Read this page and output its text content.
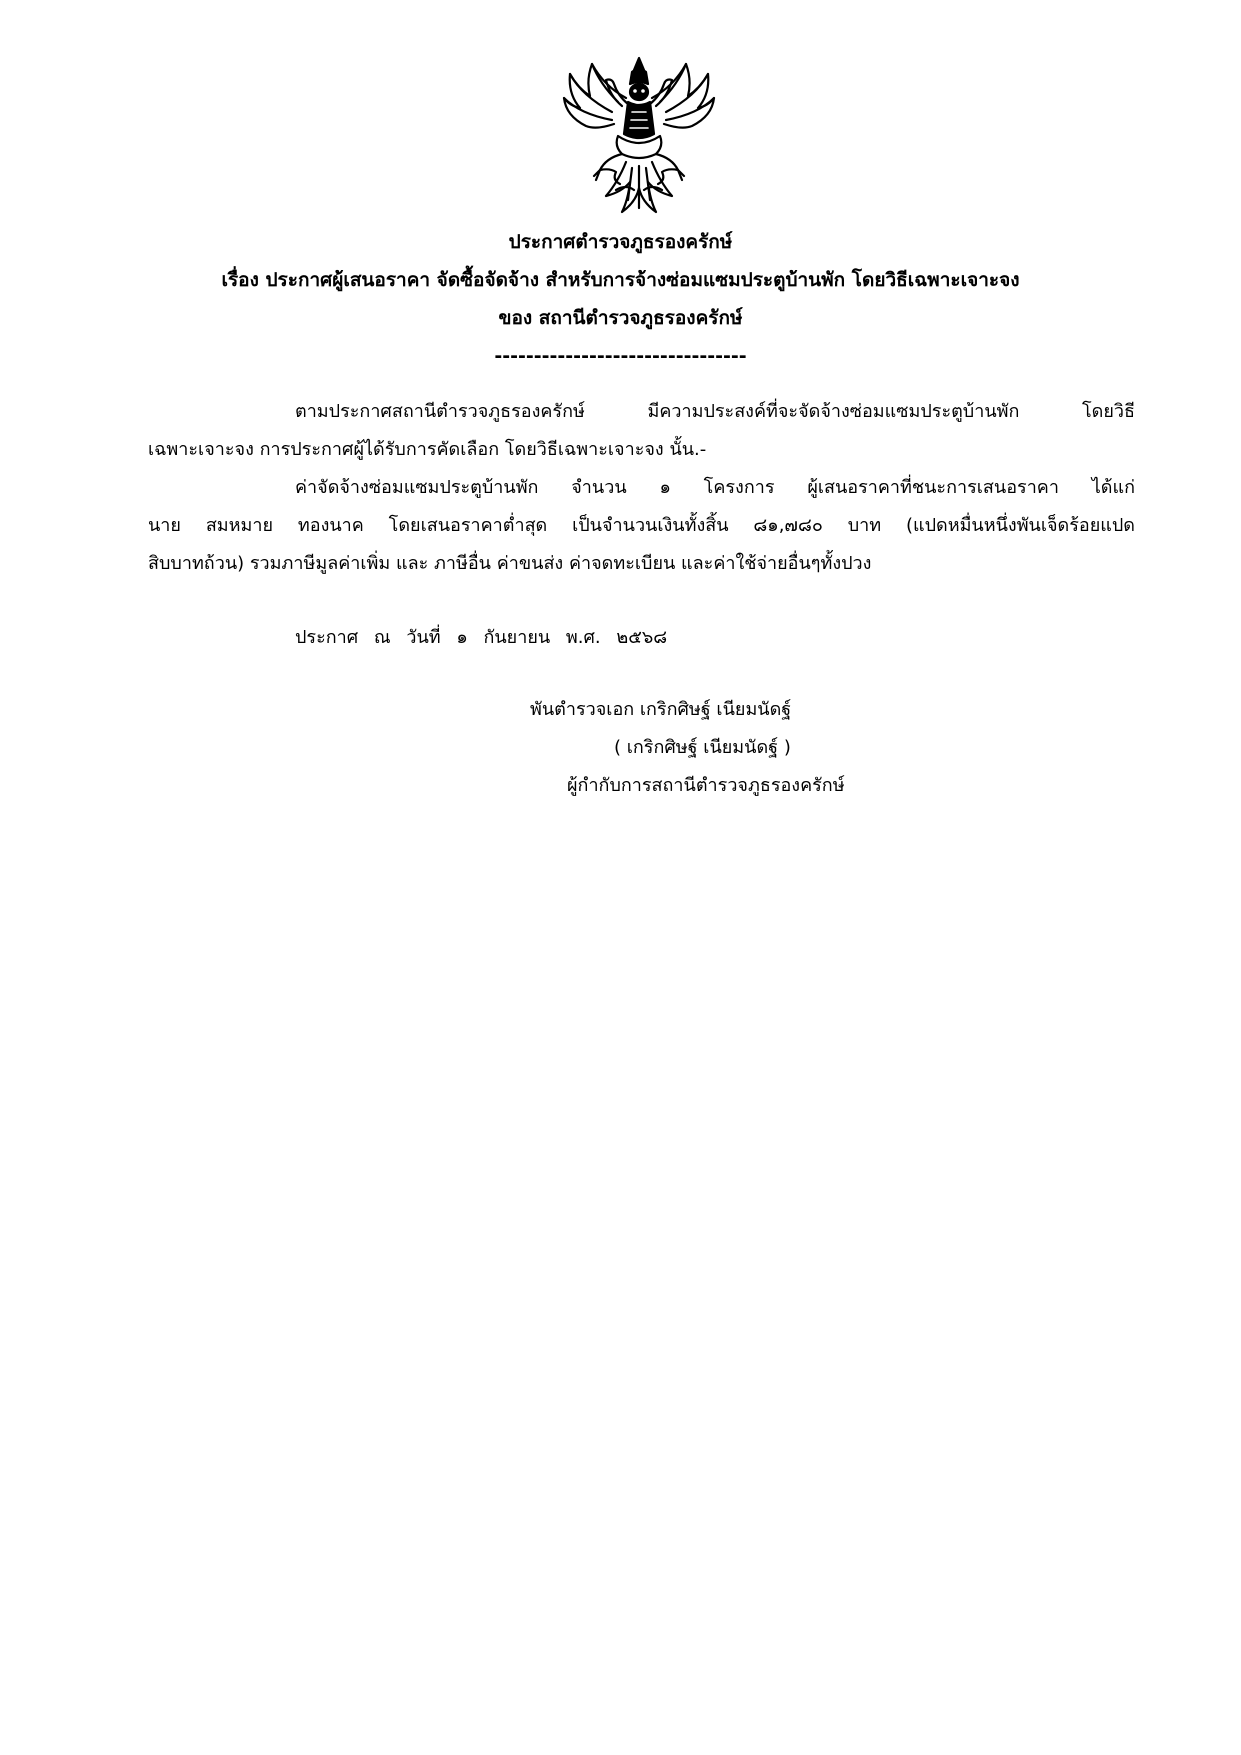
ประกาศตำรวจภูธรองครักษ์
เรื่อง ประกาศผู้เสนอราคา จัดซื้อจัดจ้าง สำหรับการจ้างซ่อมแซมประตูบ้านพัก โดยวิธีเฉพาะเจาะจง
ของ สถานีตำรวจภูธรองครักษ์
--------------------------------
ตามประกาศสถานีตำรวจภูธรองครักษ์ มีความประสงค์ที่จะจัดจ้างซ่อมแซมประตูบ้านพัก โดยวิธี
เฉพาะเจาะจง การประกาศผู้ได้รับการคัดเลือก โดยวิธีเฉพาะเจาะจง นั้น.-
ค่าจัดจ้างซ่อมแซมประตูบ้านพัก จำนวน ๑ โครงการ ผู้เสนอราคาที่ชนะการเสนอราคา ได้แก่
นาย สมหมาย ทองนาค โดยเสนอราคาต่ำสุด เป็นจำนวนเงินทั้งสิ้น ๘๑,๗๘๐ บาท (แปดหมื่นหนึ่งพันเจ็ดร้อยแปด
สิบบาทถ้วน) รวมภาษีมูลค่าเพิ่ม และ ภาษีอื่น ค่าขนส่ง ค่าจดทะเบียน และค่าใช้จ่ายอื่นๆทั้งปวง
ประกาศ ณ วันที่ ๑ กันยายน พ.ศ. ๒๕๖๘
พันตำรวจเอก เกริกศิษฐ์ เนียมนัดฐ์
( เกริกศิษฐ์ เนียมนัดฐ์ )
ผู้กำกับการสถานีตำรวจภูธรองครักษ์
